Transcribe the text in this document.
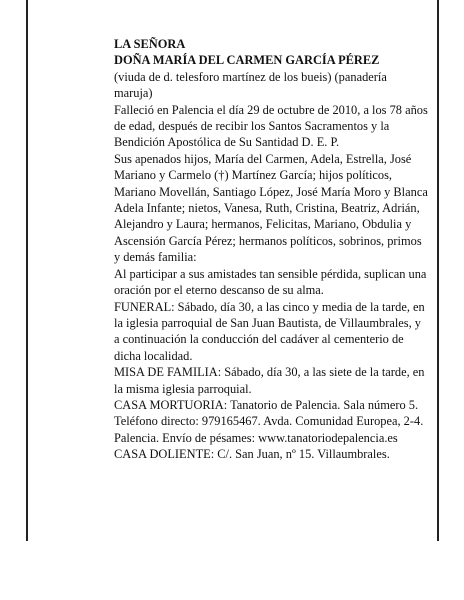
LA SEÑORA

DOÑA MARÍA DEL CARMEN GARCÍA PÉREZ

(viuda de d. telesforo martínez de los bueis) (panadería maruja)

Falleció en Palencia el día 29 de octubre de 2010, a los 78 años de edad, después de recibir los Santos Sacramentos y la Bendición Apostólica de Su Santidad D. E. P.

Sus apenados hijos, María del Carmen, Adela, Estrella, José Mariano y Carmelo (†) Martínez García; hijos políticos, Mariano Movellán, Santiago López, José María Moro y Blanca Adela Infante; nietos, Vanesa, Ruth, Cristina, Beatriz, Adrián, Alejandro y Laura; hermanos, Felicitas, Mariano, Obdulia y Ascensión García Pérez; hermanos políticos, sobrinos, primos y demás familia:

Al participar a sus amistades tan sensible pérdida, suplican una oración por el eterno descanso de su alma.

FUNERAL: Sábado, día 30, a las cinco y media de la tarde, en la iglesia parroquial de San Juan Bautista, de Villaumbrales, y a continuación la conducción del cadáver al cementerio de dicha localidad.

MISA DE FAMILIA: Sábado, día 30, a las siete de la tarde, en la misma iglesia parroquial.

CASA MORTUORIA: Tanatorio de Palencia. Sala número 5. Teléfono directo: 979165467. Avda. Comunidad Europea, 2-4. Palencia. Envío de pésames: www.tanatoriodepalencia.es

CASA DOLIENTE: C/. San Juan, nº 15. Villaumbrales.
